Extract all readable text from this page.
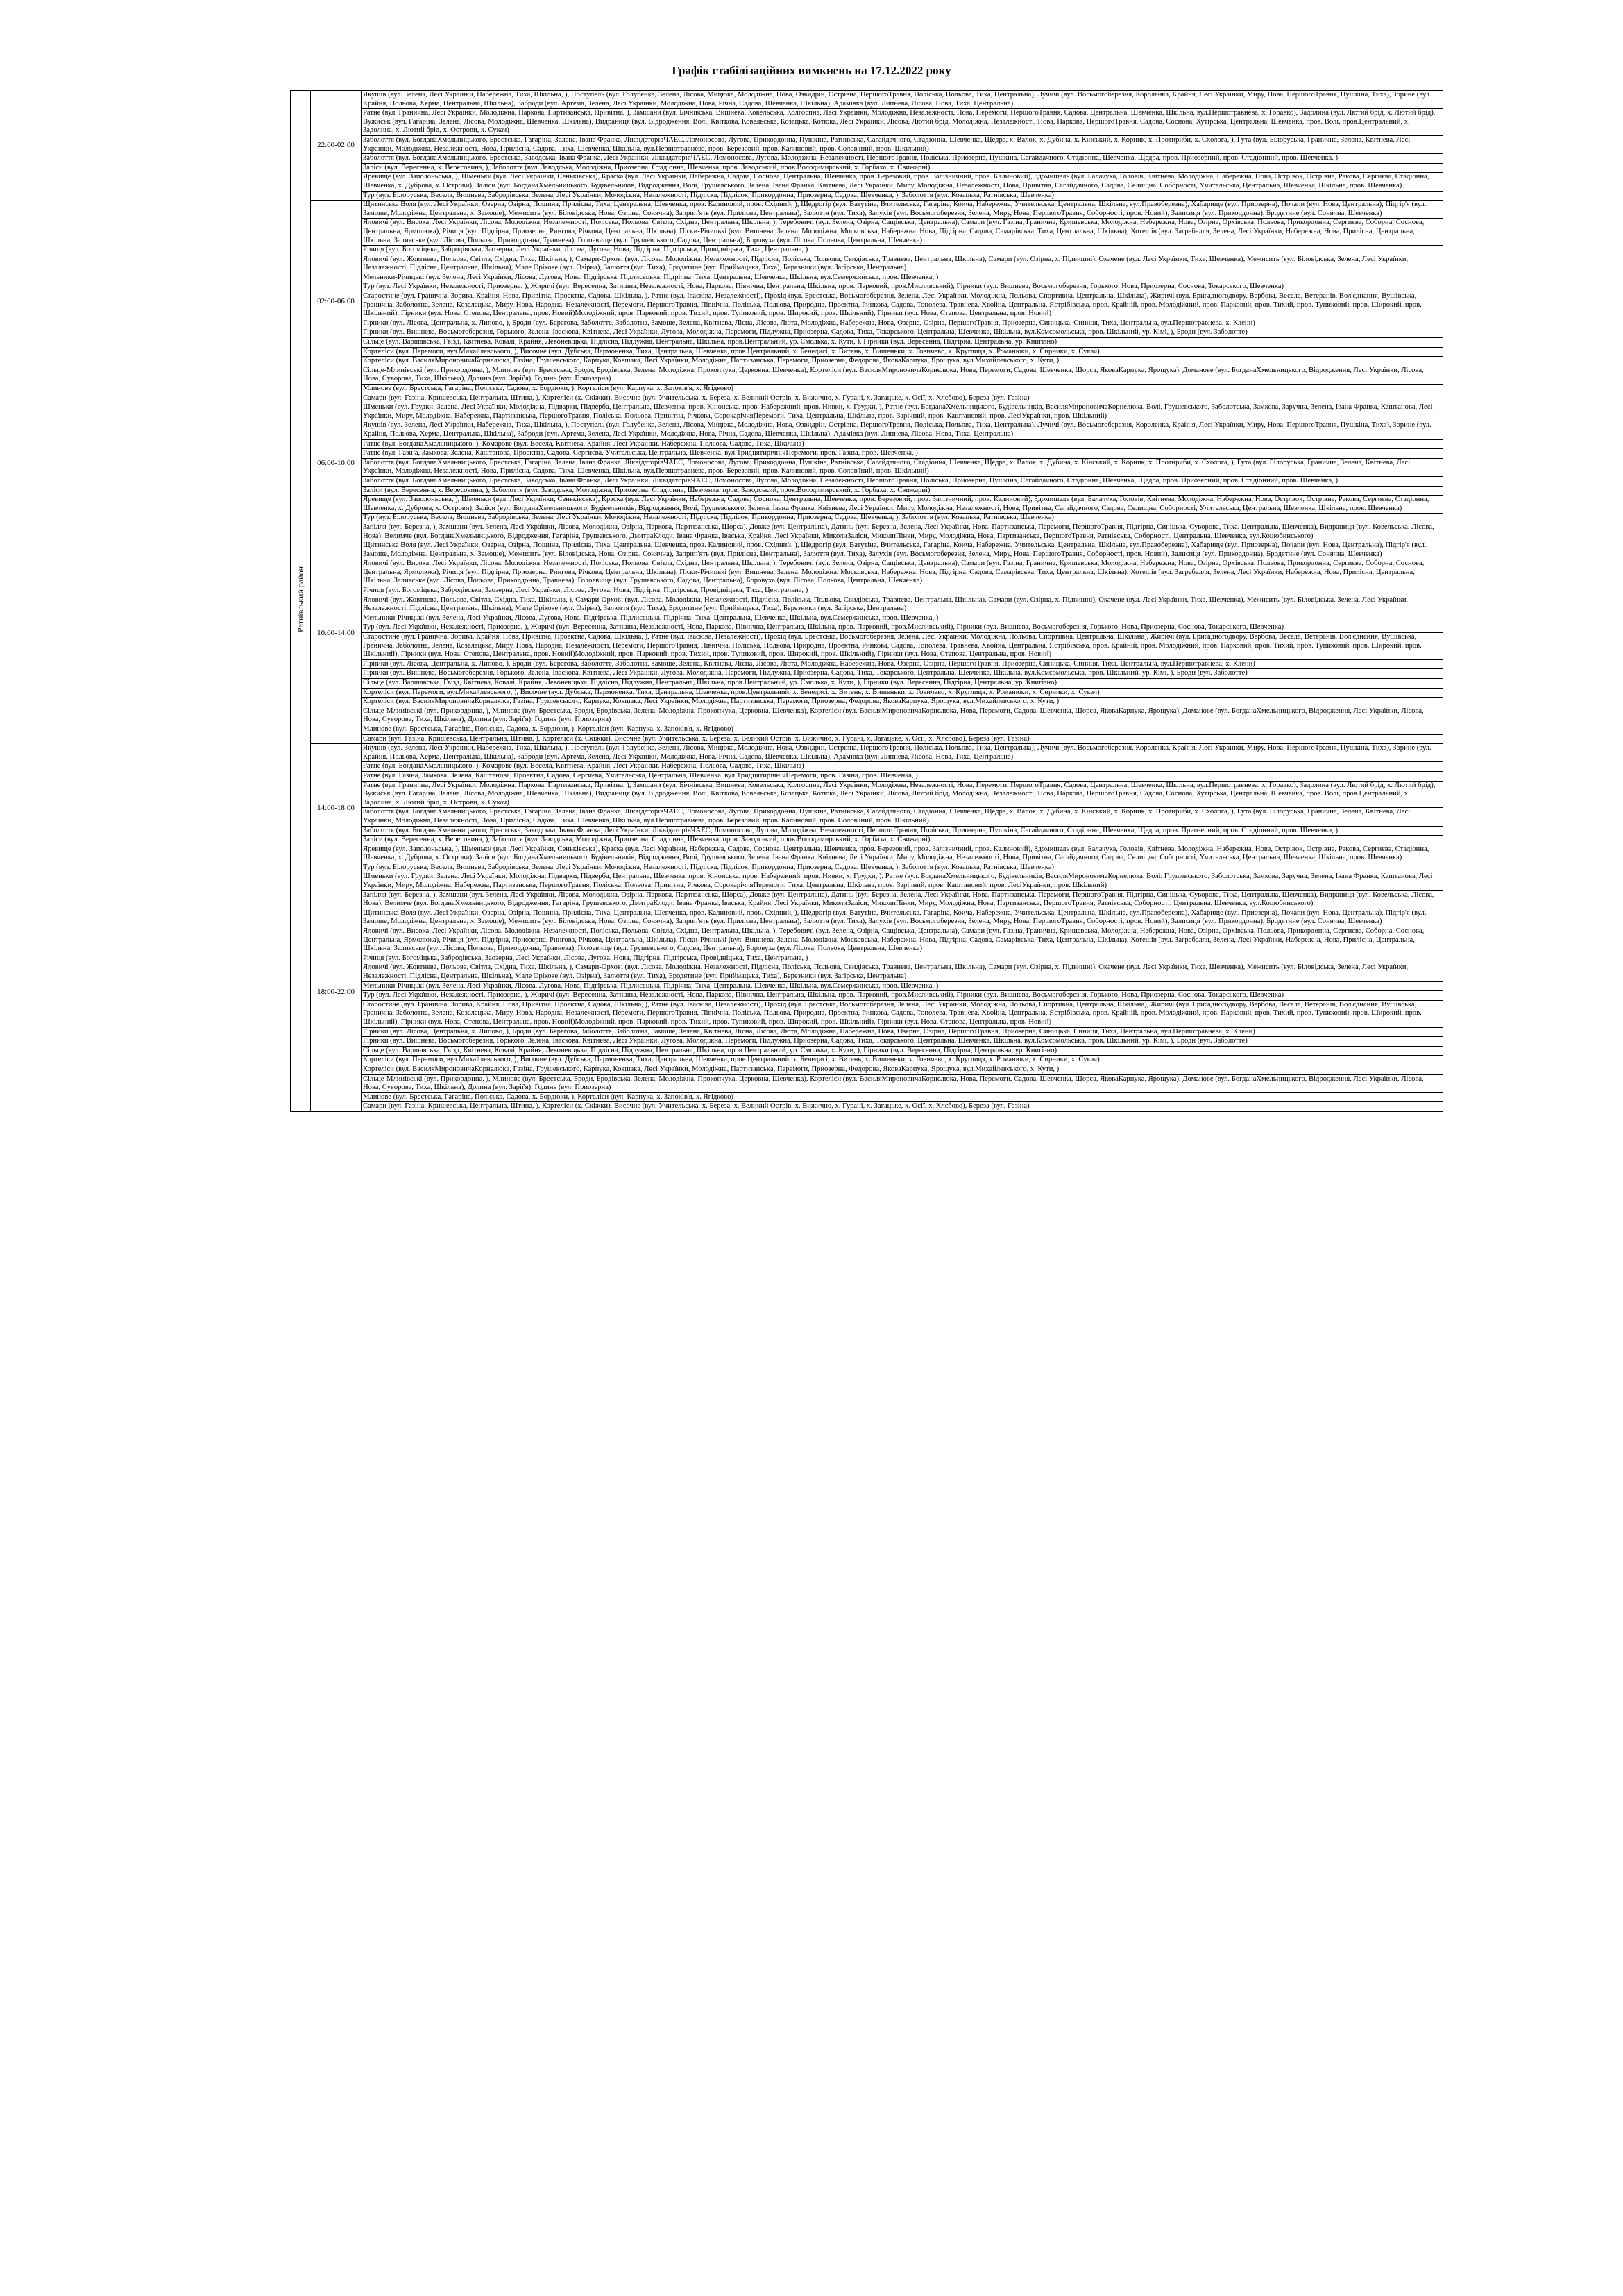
Графік стабілізаційних вимкнень на 17.12.2022 року
Ратнівський район	22:00-02:00	Якушів (вул. Зелена, Лесі Українки, Набережна, Тиха, Шкільна, ), Поступель (вул. Голубенка, Зелена, Лісова, Мицюка, Молодіжна, Нова, Озвидрін, Острівна, ПершогоТравня, Поліська, Польова, Тиха, Центральна), Лучичі (вул. Восьмогоберезня, Короленка, Крайня, Лесі Українки, Миру, Нова, ПершогоТравня, Пушкіна, Тиха), Зорине (вул. Крайня, Польова, Херма, Центральна, Шкільна), Заброди (вул. Артема, Зелена, Лесі Українки, Молодіжна, Нова, Річна, Садова, Шевченка, Шкільна), Адамівка (вул. Липнева, Лісова, Нова, Тиха, Центральна)
		Ратне (вул. Гранична, Лесі Українки, Молодіжна, Паркова, Партизанська, Привітна, ), Замшани (вул. Бічнівська, Вишнева, Ковельська, Колгоспна, Лесі Українки, Молодіжна, Незалежності, Нова, Перемоги, ПершогоТравня, Садова, Центральна, Шевченка, Шкільна, вул.Першотравнева, х. Горавко), Задолина (вул. Лютий брід, х. Лютий брід), Вужиськ (вул. Гагаріна, Зелена, Лісова, Молодіжна, Шевченка, Шкільна), Видраниця (вул. Відродження, Волі, Квіткова, Ковельська, Козацька, Котюка, Лесі Українки, Лісова, Лютий брід, Молодіжна, Незалежності, Нова, Паркова, ПершогоТравня, Садова, Соснова, Хутірська, Центральна, Шевченка, пров. Волі, пров.Центральний, х. Задолина, х. Лютий брід, х. Острови, х. Сукач)
		Заболоття (вул. БогданаХмельницького, Брестська, Гагаріна, Зелена, Івана Франка, ЛіквідаторівЧАЕС, Ломоносова, Лугова, Прикордонна, Пушкіна, Ратнівська, Сагайдачного, Стадіонна, Шевченка, Щедра, х. Валок, х. Дубина, х. Кінський, х. Корник, х. Протириби, х. Схолога, ), Гута (вул. Білоруська, Гранична, Зелена, Квітнева, Лесі Українки, Молодіжна, Незалежності, Нова, Прилісна, Садова, Тиха, Шевченка, Шкільна, вул.Першотравнева, пров. Березовий, пров. Калиновий, пров. Солов'їний, пров. Шкільний)
		Заболоття (вул. БогданаХмельницького, Брестська, Заводська, Івана Франка, Лесі Українки, ЛіквідаторівЧАЕС, Ломоносова, Лугова, Молодіжна, Незалежності, ПершогоТравня, Поліська, Приозерна, Пушкіна, Сагайдачного, Стадіонна, Шевченка, Щедра, пров. Приозерний, пров. Стадіонний, пров. Шевченка, )
		Заліси (вул. Вересенна, х. Вересовина, ), Заболоття (вул. Заводська, Молодіжна, Приозерна, Стадіонна, Шевченка, пров. Заводський, пров.Володимирський, х. Горбаха, х. Свижарні)
		Яревище (вул. Заполоньська, ), Шменьки (вул. Лесі Українки, Сеньківська), Краска (вул. Лесі Українки, Набережна, Садова, Соснова, Центральна, Шевченка, пров. Березовий, пров. Залізничний, пров. Калиновий), Здомишель (вул. Балачука, Головів, Квітнева, Молодіжна, Набережна, Нова, Острівок, Острівна, Ракова, Сергиєва, Стадіонна, Шевченка, х. Дуброва, х. Острови), Заліси (вул. БогданаХмельницького, Будівельників, Відродження, Волі, Грушевського, Зелена, Івана Франка, Квітнева, Лесі Українки, Миру, Молодіжна, Незалежності, Нова, Привітна, Сагайдачного, Садова, Селищна, Соборності, Учительська, Центральна, Шевченка, Шкільна, пров. Шевченка)
		Тур (вул. Білоруська, Весела, Вишнева, Забродівська, Зелена, Лесі Українки, Молодіжна, Незалежності, Підліска, Підлісок, Прикордонна, Приозерна, Садова, Шевченка, ), Заболоття (вул. Козацька, Ратнівська, Шевченка)
	02:00-06:00	Щитинська Воля (вул. Лесі Українки, Озерна, Озірна, Пощина, Прилісна, Тиха, Центральна, Шевченка, пров. Калиновий, пров. Східний, ), Щедрогір (вул. Ватутіна, Вчительська, Гагаріна, Коича, Набережна, Учительська, Центральна, Шкільна, вул.Правоберезна), Хабарище (вул. Приозерна), Почапи (вул. Нова, Центральна), Підгір'я (вул. Замоше, Молодіжна, Центральна, х. Замоше), Межисить (вул. Біловідська, Нова, Озірна, Сонячна), Заприп'ять (вул. Прилісна, Центральна), Залюття (вул. Тиха), Залухів (вул. Восьмогоберезня, Зелена, Миру, Нова, ПершогоТравня, Соборності, пров. Новий), Залисиця (вул. Прикордонна), Бродятине (вул. Сонячна, Шевченка)
		Яловичі (вул. Висока, Лесі Українки, Лісова, Молодіжна, Незалежності, Поліська, Польова, Світла, Східна, Центральна, Шкільна, ), Теребовичі (вул. Зелена, Озірна, Сащівська, Центральна), Самари (вул. Газіна, Гранична, Кришевська, Молодіжна, Набережна, Нова, Озірна, Орхівська, Польова, Прикордонна, Сергиєва, Соборна, Соснова, Центральна, Ярмолюка), Річиця (вул. Підгірна, Приозерна, Рингова, Річкова, Центральна, Шкільна), Піски-Річицькі (вул. Вишнева, Зелена, Молодіжна, Московська, Набережна, Нова, Підгірна, Садова, Самарівська, Тиха, Центральна, Шкільна), Хотешів (вул. Загребелля, Зелена, Лесі Українки, Набережна, Нова, Прилісна, Центральна, Шкільна, Заливське (вул. Лісова, Польова, Прикордонна, Травнева), Голоевище (вул. Грушевського, Садова, Центральна), Боровуха (вул. Лісова, Польова, Центральна, Шевченка)
		Річиця (вул. Богоміцька, Забродівська, Заозерна, Лесі Українки, Лісова, Лугова, Нова, Підгірна, Підгірська, Провідніцька, Тиха, Центральна, )
		Яловичі (вул. Жовтнева, Польова, Світла, Східна, Тиха, Шкільна, ), Самари-Орхові (вул. Лісова, Молодіжна, Незалежності, Підлісна, Поліська, Польова, Свидівська, Травнева, Центральна, Шкільна), Самари (вул. Озірна, х. Підвишні), Окачене (вул. Лесі Українки, Тиха, Шевченка), Межисить (вул. Біловідська, Зелена, Лесі Українки, Незалежності, Підлісна, Центральна, Шкільна), Мале Орікове (вул. Озірна), Залюття (вул. Тиха), Бродятине (вул. Приймацька, Тиха), Березники (вул. Загірська, Центральна)
		Мельники-Річицькі (вул. Зелена, Лесі Українки, Лісова, Лугова, Нова, Підгірська, Підлисецька, Підрічна, Тиха, Центральна, Шевченка, Шкільна, вул.Семержинська, пров. Шевченка, )
		Тур (вул. Лесі Українки, Незалежності, Приозерна, ), Жиричі (вул. Вересенна, Затишна, Незалежності, Нова, Паркова, Північна, Центральна, Шкільна, пров. Парковий, пров.Мисливський), Гірники (вул. Вишнева, Восьмогоберезня, Горького, Нова, Приозерна, Соснова, Токарського, Шевченка)
		Старостине (вул. Гранична, Зорива, Крайня, Нова, Привітна, Проектна, Садова, Шкільна, ), Ратне (вул. Івасківа, Незалежності), Прохід (вул. Брестська, Восьмогоберезня, Зелена, Лесі Українки, Молодіжна, Польова, Спортивна, Центральна, Шкільна), Жиричі (вул. Бригадногодвору, Вербова, Весела, Ветеранів, Вол'єднання, Вушівська, Гранична, Заболотна, Зелена, Козелецька, Миру, Нова, Народна, Незалежності, Перемоги, ПершогоТравня, Північна, Поліська, Польова, Природна, Проектна, Ринкова, Садова, Тополева, Травнева, Хвойна, Центральна, Ястрібівська, пров. Крайній, пров. Молодіжний, пров. Парковий, пров. Тихий, пров. Тупиковий, пров. Широкий, пров. Шкільний), Гірники (вул. Нова, Степова, Центральна, пров. Новий)Молодіжний, пров. Парковий, пров. Тихий, пров. Тупиковий, пров. Широкий, пров. Шкільний), Гірники (вул. Нова, Степова, Центральна, пров. Новий)
		Гірники (вул. Лісова, Центральна, х. Липово, ), Броди (вул. Берегова, Заболотте, Заболотна, Замоше, Зелена, Квітнева, Лісна, Лісова, Люта, Молодіжна, Набережна, Нова, Озерна, Озірна, ПершогоТравня, Приозерна, Синицька, Синиця, Тиха, Центральна, вул.Першотравнева, х. Клени)
		Гірники (вул. Вишнева, Восьмогоберезня, Горького, Зелена, Іваскова, Квітнева, Лесі Українки, Лугова, Молодіжна, Перемоги, Підлужна, Приозерна, Садова, Тиха, Токарського, Центральна, Шевченка, Шкільна, вул.Комсомольська, пров. Шкільний, ур. Кімі, ), Броди (вул. Заболотте)
		Сільце (вул. Варшавська, Гвізд, Квітнева, Ковалі, Крайня, Левоневщька, Підлісна, Підлужна, Центральна, Шкільна, пров.Центральний, ур. Смолька, х. Кути, ), Гірники (вул. Вересенна, Підгірна, Центральна, ур. Книгізно)
		Кортеліси (вул. Перемоги, вул.Михайлевського, ), Височне (вул. Дубська, Пармоненка, Тиха, Центральна, Шевченка, пров.Центральний, х. Бенедисі, х. Витень, х. Вишеньки, х. Говичево, х. Круглиця, х. Романюки, х. Сирники, х. Сукач)
		Кортеліси (вул. ВасиляМироновичаКорнелюка, Газіна, Грушевського, Карпука, Ковшака, Лесі Українки, Молодіжна, Партизанська, Перемоги, Приозерна, Федорова, ЯковаКарпука, Ярощука, вул.Михайлевського, х. Кути, )
		Сільце-Млинівські (вул. Прикордонна, ), Млинове (вул. Брестська, Броди, Бродівська, Зелена, Молодіжна, Прокопчука, Церковна, Шевченка), Кортеліси (вул. ВасиляМироновичаКорнелюка, Нова, Перемоги, Садова, Шевченка, Щорса, ЯковаКарпука, Ярощука), Доманове (вул. БогданаХмельницького, Відродження, Лесі Українки, Лісова, Нова, Суворова, Тиха, Шкільна), Долина (вул. Зарії'я), Годинь (вул. Приозерна)
		Млинове (вул. Брестська, Гагаріна, Поліська, Садова, х. Бордюки, ), Кортеліси (вул. Карпука, х. Запоків'я, х. Ягідково)
		Самари (вул. Газіна, Кришевська, Центральна, Штина, ), Кортеліси (х. Скіжки), Височне (вул. Учительська, х. Береза, х. Великий Острів, х. Вижично, х. Гурані, х. Загацьке, х. Осії, х. Хлєбово), Береза (вул. Газіна)
	06:00-10:00	Шменьки (вул. Грудки, Зелена, Лесі Українки, Молодіжна, Підварки, Підверба, Центральна, Шевченка, пров. Кінонська, пров. Набережний, пров. Нивки, х. Грудки, ), Ратне (вул. БогданаХмельницького, Будівельників, ВасиляМироновичаКорнелюка, Волі, Грушевського, Заболотська, Замкова, Заручна, Зелена, Івана Франка, Каштанова, Лесі Українки, Миру, Молодіжна, Набережна, Партизанська, ПершогоТравня, Поліська, Польова, Привітна, Річкова, СорокаріччяПеремоги, Тиха, Центральна, Шкільна, пров. Зарічний, пров. Каштановий, пров. ЛесіУкраїнки, пров. Шкільний)
		Якушів (вул. Зелена, Лесі Українки, Набережна, Тиха, Шкільна, ), Поступель (вул. Голубенка, Зелена, Лісова, Мицюка, Молодіжна, Нова, Озвидрін, Острівна, ПершогоТравня, Поліська, Польова, Тиха, Центральна), Лучичі (вул. Восьмогоберезня, Короленка, Крайня, Лесі Українки, Миру, Нова, ПершогоТравня, Пушкіна, Тиха), Зорине (вул. Крайня, Польова, Херма, Центральна, Шкільна), Заброди (вул. Артема, Зелена, Лесі Українки, Молодіжна, Нова, Річна, Садова, Шевченка, Шкільна), Адамівка (вул. Липнева, Лісова, Нова, Тиха, Центральна)
		Ратне (вул. БогданаХмельницького, ), Комарове (вул. Весела, Квітнева, Крайня, Лесі Українки, Набережна, Польова, Садова, Тиха, Шкільна)
		Ратне (вул. Газіна, Замкова, Зелена, Каштанова, Проектна, Садова, Сергиєва, Учительська, Центральна, Шевченка, вул.ТридцятирічнічПеремоги, пров. Газіна, пров. Шевченка, )
		Заболоття (вул. БогданаХмельницького, Брестська, Гагаріна, Зелена, Івана Франка, ЛіквідаторівЧАЕС, Ломоносова, Лугова, Прикордонна, Пушкіна, Ратнівська, Сагайдачного, Стадіонна, Шевченка, Щедра, х. Валок, х. Дубина, х. Кінський, х. Корник, х. Протириби, х. Схолога, ), Гута (вул. Білоруська, Гранична, Зелена, Квітнева, Лесі Українки, Молодіжна, Незалежності, Нова, Прилісна, Садова, Тиха, Шевченка, Шкільна, вул.Першотравнева, пров. Березовий, пров. Калиновий, пров. Солов'їний, пров. Шкільний)
		Заболоття (вул. БогданаХмельницького, Брестська, Заводська, Івана Франка, Лесі Українки, ЛіквідаторівЧАЕС, Ломоносова, Лугова, Молодіжна, Незалежності, ПершогоТравня, Поліська, Приозерна, Пушкіна, Сагайдачного, Стадіонна, Шевченка, Щедра, пров. Приозерний, пров. Стадіонний, пров. Шевченка, )
		Заліси (вул. Вересенна, х. Вересовина, ), Заболоття (вул. Заводська, Молодіжна, Приозерна, Стадіонна, Шевченка, пров. Заводський, пров.Володимирський, х. Горбаха, х. Свижарні)
		Яревище (вул. Заполоньська, ), Шменьки (вул. Лесі Українки, Сеньківська), Краска (вул. Лесі Українки, Набережна, Садова, Соснова, Центральна, Шевченка, пров. Березовий, пров. Залізничний, пров. Калиновий), Здомишель (вул. Балачука, Головів, Квітнева, Молодіжна, Набережна, Нова, Острівок, Острівна, Ракова, Сергиєва, Стадіонна, Шевченка, х. Дуброва, х. Острови), Заліси (вул. БогданаХмельницького, Будівельників, Відродження, Волі, Грушевського, Зелена, Івана Франка, Квітнева, Лесі Українки, Миру, Молодіжна, Незалежності, Нова, Привітна, Сагайдачного, Садова, Селищна, Соборності, Учительська, Центральна, Шевченка, Шкільна, пров. Шевченка)
		Тур (вул. Білоруська, Весела, Вишнева, Забродівська, Зелена, Лесі Українки, Молодіжна, Незалежності, Підліска, Підлісок, Прикордонна, Приозерна, Садова, Шевченка, ), Заболоття (вул. Козацька, Ратнівська, Шевченка)
	10:00-14:00	Запілля (вул. Березна, ), Замшани (вул. Зелена, Лесі Українки, Лісова, Молодіжна, Озірна, Паркова, Партизанська, Щорса), Довже (вул. Центральна), Датинь (вул. Березна, Зелена, Лесі Українки, Нова, Партизанська, Перемоги, ПершогоТравня, Підгірна, Синіцька, Суворова, Тиха, Центральна, Шевченка), Видраниця (вул. Ковельська, Лісова, Нова), Велимче (вул. БогданаХмельницького, Відродження, Гагаріна, Грушевського, ДмитраКлоди, Івана Франка, Іваська, Крайня, Лесі Українки, МиколиЗаліси, МиколиПінки, Миру, Молодіжна, Нова, Партизанська, ПершогоТравня, Ратнівська, Соборності, Центральна, Шевченка, вул.Коцюбинського)
		Щитинська Воля (вул. Лесі Українки, Озерна, Озірна, Пощина, Прилісна, Тиха, Центральна, Шевченка, пров. Калиновий, пров. Східний, ), Щедрогір (вул. Ватутіна, Вчительська, Гагаріна, Коича, Набережна, Учительська, Центральна, Шкільна, вул.Правоберезна), Хабарище (вул. Приозерна), Почапи (вул. Нова, Центральна), Підгір'я (вул. Замоше, Молодіжна, Центральна, х. Замоше), Межисить (вул. Біловідська, Нова, Озірна, Сонячна), Заприп'ять (вул. Прилісна, Центральна), Залюття (вул. Тиха), Залухів (вул. Восьмогоберезня, Зелена, Миру, Нова, ПершогоТравня, Соборності, пров. Новий), Залисиця (вул. Прикордонна), Бродятине (вул. Сонячна, Шевченка)
		Яловичі (вул. Висока, Лесі Українки, Лісова, Молодіжна, Незалежності, Поліська, Польова, Світла, Східна, Центральна, Шкільна, ), Теребовичі (вул. Зелена, Озірна, Сащівська, Центральна), Самари (вул. Газіна, Гранична, Кришевська, Молодіжна, Набережна, Нова, Озірна, Орхівська, Польова, Прикордонна, Сергиєва, Соборна, Соснова, Центральна, Ярмолюка), Річиця (вул. Підгірна, Приозерна, Рингова, Річкова, Центральна, Шкільна), Піски-Річицькі (вул. Вишнева, Зелена, Молодіжна, Московська, Набережна, Нова, Підгірна, Садова, Самарівська, Тиха, Центральна, Шкільна), Хотешів (вул. Загребелля, Зелена, Лесі Українки, Набережна, Нова, Прилісна, Центральна, Шкільна, Заливське (вул. Лісова, Польова, Прикордонна, Травнева), Голоевище (вул. Грушевського, Садова, Центральна), Боровуха (вул. Лісова, Польова, Центральна, Шевченка)
		Річиця (вул. Богоміцька, Забродівська, Заозерна, Лесі Українки, Лісова, Лугова, Нова, Підгірна, Підгірська, Провідніцька, Тиха, Центральна, )
		Яловичі (вул. Жовтнева, Польова, Світла, Східна, Тиха, Шкільна, ), Самари-Орхові (вул. Лісова, Молодіжна, Незалежності, Підлісна, Поліська, Польова, Свидівська, Травнева, Центральна, Шкільна), Самари (вул. Озірна, х. Підвишні), Окачене (вул. Лесі Українки, Тиха, Шевченка), Межисить (вул. Біловідська, Зелена, Лесі Українки, Незалежності, Підлісна, Центральна, Шкільна), Мале Орікове (вул. Озірна), Залюття (вул. Тиха), Бродятине (вул. Приймацька, Тиха), Березники (вул. Загірська, Центральна)
		Мельники-Річицькі (вул. Зелена, Лесі Українки, Лісова, Лугова, Нова, Підгірська, Підлисецька, Підрічна, Тиха, Центральна, Шевченка, Шкільна, вул.Семержинська, пров. Шевченка, )
		Тур (вул. Лесі Українки, Незалежності, Приозерна, ), Жиричі (вул. Вересенна, Затишна, Незалежності, Нова, Паркова, Північна, Центральна, Шкільна, пров. Парковий, пров.Мисливський), Гірники (вул. Вишнева, Восьмогоберезня, Горького, Нова, Приозерна, Соснова, Токарського, Шевченка)
		Старостине (вул. Гранична, Зорива, Крайня, Нова, Привітна, Проектна, Садова, Шкільна, ), Ратне (вул. Івасківа, Незалежності), Прохід (вул. Брестська, Восьмогоберезня, Зелена, Лесі Українки, Молодіжна, Польова, Спортивна, Центральна, Шкільна), Жиричі (вул. Бригадногодвору, Вербова, Весела, Ветеранів, Вол'єднання, Вушівська, Гранична, Заболотна, Зелена, Козелецька, Миру, Нова, Народна, Незалежності, Перемоги, ПершогоТравня, Північна, Поліська, Польова, Природна, Проектна, Ринкова, Садова, Тополева, Травнева, Хвойна, Центральна, Ястрібівська, пров. Крайній, пров. Молодіжний, пров. Парковий, пров. Тихий, пров. Тупиковий, пров. Широкий, пров. Шкільний), Гірники (вул. Нова, Степова, Центральна, пров. Новий)Молодіжний, пров. Парковий, пров. Тихий, пров. Тупиковий, пров. Широкий, пров. Шкільний), Гірники (вул. Нова, Степова, Центральна, пров. Новий)
		Гірники (вул. Лісова, Центральна, х. Липово, ), Броди (вул. Берегова, Заболотте, Заболотна, Замоше, Зелена, Квітнева, Лісна, Лісова, Люта, Молодіжна, Набережна, Нова, Озерна, Озірна, ПершогоТравня, Приозерна, Синицька, Синиця, Тиха, Центральна, вул.Першотравнева, х. Клени)
		Гірники (вул. Вишнева, Восьмогоберезня, Горького, Зелена, Іваскова, Квітнева, Лесі Українки, Лугова, Молодіжна, Перемоги, Підлужна, Приозерна, Садова, Тиха, Токарського, Центральна, Шевченка, Шкільна, вул.Комсомольська, пров. Шкільний, ур. Кімі, ), Броди (вул. Заболотте)
		Сільце (вул. Варшавська, Гвізд, Квітнева, Ковалі, Крайня, Левоневщька, Підлісна, Підлужна, Центральна, Шкільна, пров.Центральний, ур. Смолька, х. Кути, ), Гірники (вул. Вересенна, Підгірна, Центральна, ур. Книгізно)
		Кортеліси (вул. Перемоги, вул.Михайлевського, ), Височне (вул. Дубська, Пармоненка, Тиха, Центральна, Шевченка, пров.Центральний, х. Бенедисі, х. Витень, х. Вишеньки, х. Говичево, х. Круглиця, х. Романюки, х. Сирники, х. Сукач)
		Кортеліси (вул. ВасиляМироновичаКорнелюка, Газіна, Грушевського, Карпука, Ковшака, Лесі Українки, Молодіжна, Партизанська, Перемоги, Приозерна, Федорова, ЯковаКарпука, Ярощука, вул.Михайлевського, х. Кути, )
		Сільце-Млинівські (вул. Прикордонна, ), Млинове (вул. Брестська, Броди, Бродівська, Зелена, Молодіжна, Прокопчука, Церковна, Шевченка), Кортеліси (вул. ВасиляМироновичаКорнелюка, Нова, Перемоги, Садова, Шевченка, Щорса, ЯковаКарпука, Ярощука), Доманове (вул. БогданаХмельницького, Відродження, Лесі Українки, Лісова, Нова, Суворова, Тиха, Шкільна), Долина (вул. Зарії'я), Годинь (вул. Приозерна)
		Млинове (вул. Брестська, Гагаріна, Поліська, Садова, х. Бордюки, ), Кортеліси (вул. Карпука, х. Запоків'я, х. Ягідково)
		Самари (вул. Газіна, Кришевська, Центральна, Штина, ), Кортеліси (х. Скіжки), Височне (вул. Учительська, х. Береза, х. Великий Острів, х. Вижично, х. Гурані, х. Загацьке, х. Осії, х. Хлєбово), Береза (вул. Газіна)
	14:00-18:00	Якушів (вул. Зелена, Лесі Українки, Набережна, Тиха, Шкільна, ), Поступель (вул. Голубенка, Зелена, Лісова, Мицюка, Молодіжна, Нова, Озвидрін, Острівна, ПершогоТравня, Поліська, Польова, Тиха, Центральна), Лучичі (вул. Восьмогоберезня, Короленка, Крайня, Лесі Українки, Миру, Нова, ПершогоТравня, Пушкіна, Тиха), Зорине (вул. Крайня, Польова, Херма, Центральна, Шкільна), Заброди (вул. Артема, Зелена, Лесі Українки, Молодіжна, Нова, Річна, Садова, Шевченка, Шкільна), Адамівка (вул. Липнева, Лісова, Нова, Тиха, Центральна)
		Ратне (вул. БогданаХмельницького, ), Комарове (вул. Весела, Квітнева, Крайня, Лесі Українки, Набережна, Польова, Садова, Тиха, Шкільна)
		Ратне (вул. Газіна, Замкова, Зелена, Каштанова, Проектна, Садова, Сергиєва, Учительська, Центральна, Шевченка, вул.ТридцятирічнічПеремоги, пров. Газіна, пров. Шевченка, )
		Ратне (вул. Гранична, Лесі Українки, Молодіжна, Паркова, Партизанська, Привітна, ), Замшани (вул. Бічнівська, Вишнева, Ковельська, Колгоспна, Лесі Українки, Молодіжна, Незалежності, Нова, Перемоги, ПершогоТравня, Садова, Центральна, Шевченка, Шкільна, вул.Першотравнева, х. Горавко), Задолина (вул. Лютий брід, х. Лютий брід), Вужиськ (вул. Гагаріна, Зелена, Лісова, Молодіжна, Шевченка, Шкільна), Видраниця (вул. Відродження, Волі, Квіткова, Ковельська, Козацька, Котюка, Лесі Українки, Лісова, Лютий брід, Молодіжна, Незалежності, Нова, Паркова, ПершогоТравня, Садова, Соснова, Хутірська, Центральна, Шевченка, пров. Волі, пров.Центральний, х. Задолина, х. Лютий брід, х. Острови, х. Сукач)
		Заболоття (вул. БогданаХмельницького, Брестська, Гагаріна, Зелена, Івана Франка, ЛіквідаторівЧАЕС, Ломоносова, Лугова, Прикордонна, Пушкіна, Ратнівська, Сагайдачного, Стадіонна, Шевченка, Щедра, х. Валок, х. Дубина, х. Кінський, х. Корник, х. Протириби, х. Схолога, ), Гута (вул. Білоруська, Гранична, Зелена, Квітнева, Лесі Українки, Молодіжна, Незалежності, Нова, Прилісна, Садова, Тиха, Шевченка, Шкільна, вул.Першотравнева, пров. Березовий, пров. Калиновий, пров. Солов'їний, пров. Шкільний)
		Заболоття (вул. БогданаХмельницького, Брестська, Заводська, Івана Франка, Лесі Українки, ЛіквідаторівЧАЕС, Ломоносова, Лугова, Молодіжна, Незалежності, ПершогоТравня, Поліська, Приозерна, Пушкіна, Сагайдачного, Стадіонна, Шевченка, Щедра, пров. Приозерний, пров. Стадіонний, пров. Шевченка, )
		Заліси (вул. Вересенна, х. Вересовина, ), Заболоття (вул. Заводська, Молодіжна, Приозерна, Стадіонна, Шевченка, пров. Заводський, пров.Володимирський, х. Горбаха, х. Свижарні)
		Яревище (вул. Заполоньська, ), Шменьки (вул. Лесі Українки, Сеньківська), Краска (вул. Лесі Українки, Набережна, Садова, Соснова, Центральна, Шевченка, пров. Березовий, пров. Залізничний, пров. Калиновий), Здомишель (вул. Балачука, Головів, Квітнева, Молодіжна, Набережна, Нова, Острівок, Острівна, Ракова, Сергиєва, Стадіонна, Шевченка, х. Дуброва, х. Острови), Заліси (вул. БогданаХмельницького, Будівельників, Відродження, Волі, Грушевського, Зелена, Івана Франка, Квітнева, Лесі Українки, Миру, Молодіжна, Незалежності, Нова, Привітна, Сагайдачного, Садова, Селищна, Соборності, Учительська, Центральна, Шевченка, Шкільна, пров. Шевченка)
		Тур (вул. Білоруська, Весела, Вишнева, Забродівська, Зелена, Лесі Українки, Молодіжна, Незалежності, Підліска, Підлісок, Прикордонна, Приозерна, Садова, Шевченка, ), Заболоття (вул. Козацька, Ратнівська, Шевченка)
	18:00-22:00	Шменьки (вул. Грудки, Зелена, Лесі Українки, Молодіжна, Підварки, Підверба, Центральна, Шевченка, пров. Кінонська, пров. Набережний, пров. Нивки, х. Грудки, ), Ратне (вул. БогданаХмельницького, Будівельників, ВасиляМироновичаКорнелюка, Волі, Грушевського, Заболотська, Замкова, Заручна, Зелена, Івана Франка, Каштанова, Лесі Українки, Миру, Молодіжна, Набережна, Партизанська, ПершогоТравня, Поліська, Польова, Привітна, Річкова, СорокаріччяПеремоги, Тиха, Центральна, Шкільна, пров. Зарічний, пров. Каштановий, пров. ЛесіУкраїнки, пров. Шкільний)
		Запілля (вул. Березна, ), Замшани (вул. Зелена, Лесі Українки, Лісова, Молодіжна, Озірна, Паркова, Партизанська, Щорса), Довже (вул. Центральна), Датинь (вул. Березна, Зелена, Лесі Українки, Нова, Партизанська, Перемоги, ПершогоТравня, Підгірна, Синіцька, Суворова, Тиха, Центральна, Шевченка), Видраниця (вул. Ковельська, Лісова, Нова), Велимче (вул. БогданаХмельницького, Відродження, Гагаріна, Грушевського, ДмитраКлоди, Івана Франка, Іваська, Крайня, Лесі Українки, МиколиЗаліси, МиколиПінки, Миру, Молодіжна, Нова, Партизанська, ПершогоТравня, Ратнівська, Соборності, Центральна, Шевченка, вул.Коцюбинського)
		Щитинська Воля (вул. Лесі Українки, Озерна, Озірна, Пощина, Прилісна, Тиха, Центральна, Шевченка, пров. Калиновий, пров. Східний, ), Щедрогір (вул. Ватутіна, Вчительська, Гагаріна, Коича, Набережна, Учительська, Центральна, Шкільна, вул.Правоберезна), Хабарище (вул. Приозерна), Почапи (вул. Нова, Центральна), Підгір'я (вул. Замоше, Молодіжна, Центральна, х. Замоше), Межисить (вул. Біловідська, Нова, Озірна, Сонячна), Заприп'ять (вул. Прилісна, Центральна), Залюття (вул. Тиха), Залухів (вул. Восьмогоберезня, Зелена, Миру, Нова, ПершогоТравня, Соборності, пров. Новий), Залисиця (вул. Прикордонна), Бродятине (вул. Сонячна, Шевченка)
		Яловичі (вул. Висока, Лесі Українки, Лісова, Молодіжна, Незалежності, Поліська, Польова, Світла, Східна, Центральна, Шкільна, ), Теребовичі (вул. Зелена, Озірна, Сащівська, Центральна), Самари (вул. Газіна, Гранична, Кришевська, Молодіжна, Набережна, Нова, Озірна, Орхівська, Польова, Прикордонна, Сергиєва, Соборна, Соснова, Центральна, Ярмолюка), Річиця (вул. Підгірна, Приозерна, Рингова, Річкова, Центральна, Шкільна), Піски-Річицькі (вул. Вишнева, Зелена, Молодіжна, Московська, Набережна, Нова, Підгірна, Садова, Самарівська, Тиха, Центральна, Шкільна), Хотешів (вул. Загребелля, Зелена, Лесі Українки, Набережна, Нова, Прилісна, Центральна, Шкільна, Заливське (вул. Лісова, Польова, Прикордонна, Травнева), Голоевище (вул. Грушевського, Садова, Центральна), Боровуха (вул. Лісова, Польова, Центральна, Шевченка)
		Річиця (вул. Богоміцька, Забродівська, Заозерна, Лесі Українки, Лісова, Лугова, Нова, Підгірна, Підгірська, Провідніцька, Тиха, Центральна, )
		Яловичі (вул. Жовтнева, Польова, Світла, Східна, Тиха, Шкільна, ), Самари-Орхові (вул. Лісова, Молодіжна, Незалежності, Підлісна, Поліська, Польова, Свидівська, Травнева, Центральна, Шкільна), Самари (вул. Озірна, х. Підвишні), Окачене (вул. Лесі Українки, Тиха, Шевченка), Межисить (вул. Біловідська, Зелена, Лесі Українки, Незалежності, Підлісна, Центральна, Шкільна), Мале Орікове (вул. Озірна), Залюття (вул. Тиха), Бродятине (вул. Приймацька, Тиха), Березники (вул. Загірська, Центральна)
		Мельники-Річицькі (вул. Зелена, Лесі Українки, Лісова, Лугова, Нова, Підгірська, Підлисецька, Підрічна, Тиха, Центральна, Шевченка, Шкільна, вул.Семержинська, пров. Шевченка, )
		Тур (вул. Лесі Українки, Незалежності, Приозерна, ), Жиричі (вул. Вересенна, Затишна, Незалежності, Нова, Паркова, Північна, Центральна, Шкільна, пров. Парковий, пров.Мисливський), Гірники (вул. Вишнева, Восьмогоберезня, Горького, Нова, Приозерна, Соснова, Токарського, Шевченка)
		Старостине (вул. Гранична, Зорива, Крайня, Нова, Привітна, Проектна, Садова, Шкільна, ), Ратне (вул. Івасківа, Незалежності), Прохід (вул. Брестська, Восьмогоберезня, Зелена, Лесі Українки, Молодіжна, Польова, Спортивна, Центральна, Шкільна), Жиричі (вул. Бригадногодвору, Вербова, Весела, Ветеранів, Вол'єднання, Вушівська, Гранична, Заболотна, Зелена, Козелецька, Миру, Нова, Народна, Незалежності, Перемоги, ПершогоТравня, Північна, Поліська, Польова, Природна, Проектна, Ринкова, Садова, Тополева, Травнева, Хвойна, Центральна, Ястрібівська, пров. Крайній, пров. Молодіжний, пров. Парковий, пров. Тихий, пров. Тупиковий, пров. Широкий, пров. Шкільний), Гірники (вул. Нова, Степова, Центральна, пров. Новий)Молодіжний, пров. Парковий, пров. Тихий, пров. Тупиковий, пров. Широкий, пров. Шкільний), Гірники (вул. Нова, Степова, Центральна, пров. Новий)
		Гірники (вул. Лісова, Центральна, х. Липово, ), Броди (вул. Берегова, Заболотте, Заболотна, Замоше, Зелена, Квітнева, Лісна, Лісова, Люта, Молодіжна, Набережна, Нова, Озерна, Озірна, ПершогоТравня, Приозерна, Синицька, Синиця, Тиха, Центральна, вул.Першотравнева, х. Клени)
		Гірники (вул. Вишнева, Восьмогоберезня, Горького, Зелена, Іваскова, Квітнева, Лесі Українки, Лугова, Молодіжна, Перемоги, Підлужна, Приозерна, Садова, Тиха, Токарського, Центральна, Шевченка, Шкільна, вул.Комсомольська, пров. Шкільний, ур. Кімі, ), Броди (вул. Заболотте)
		Сільце (вул. Варшавська, Гвізд, Квітнева, Ковалі, Крайня, Левоневщька, Підлісна, Підлужна, Центральна, Шкільна, пров.Центральний, ур. Смолька, х. Кути, ), Гірники (вул. Вересенна, Підгірна, Центральна, ур. Книгізно)
		Кортеліси (вул. Перемоги, вул.Михайлевського, ), Височне (вул. Дубська, Пармоненка, Тиха, Центральна, Шевченка, пров.Центральний, х. Бенедисі, х. Витень, х. Вишеньки, х. Говичево, х. Круглиця, х. Романюки, х. Сирники, х. Сукач)
		Кортеліси (вул. ВасиляМироновичаКорнелюка, Газіна, Грушевського, Карпука, Ковшака, Лесі Українки, Молодіжна, Партизанська, Перемоги, Приозерна, Федорова, ЯковаКарпука, Ярощука, вул.Михайлевського, х. Кути, )
		Сільце-Млинівські (вул. Прикордонна, ), Млинове (вул. Брестська, Броди, Бродівська, Зелена, Молодіжна, Прокопчука, Церковна, Шевченка), Кортеліси (вул. ВасиляМироновичаКорнелюка, Нова, Перемоги, Садова, Шевченка, Щорса, ЯковаКарпука, Ярощука), Доманове (вул. БогданаХмельницького, Відродження, Лесі Українки, Лісова, Нова, Суворова, Тиха, Шкільна), Долина (вул. Зарії'я), Годинь (вул. Приозерна)
		Млинове (вул. Брестська, Гагаріна, Поліська, Садова, х. Бордюки, ), Кортеліси (вул. Карпука, х. Запоків'я, х. Ягідково)
		Самари (вул. Газіна, Кришевська, Центральна, Штина, ), Кортеліси (х. Скіжки), Височне (вул. Учительська, х. Береза, х. Великий Острів, х. Вижично, х. Гурані, х. Загацьке, х. Осії, х. Хлєбово), Береза (вул. Газіна)
